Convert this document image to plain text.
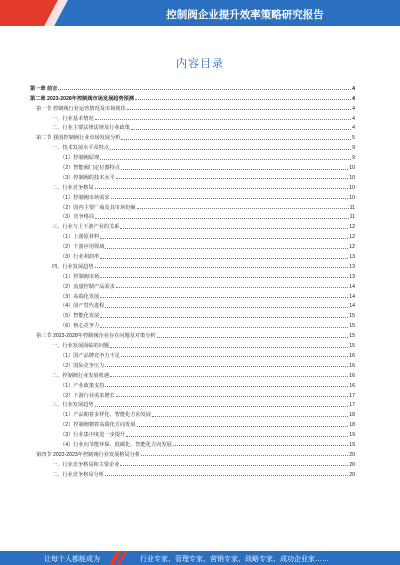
控制阀企业提升效率策略研究报告
内容目录
第一章 前言	4
第二章 2023-2028年控制阀市场发展趋势预测	4
第一节 控制阀行业运营情况及市场现状	4
一、行业基本情况	4
二、行业主要法律法规及行业政策	4
第二节 我国控制阀行业市场发展分析	5
一、技术发展水平及特点	9
（1）控制阀原理	9
（2）智能阀门定位器特点	10
（3）控制阀的技术水平	10
二、行业竞争格局	10
（1）控制阀市场需求	10
（2）国内主要厂商及其市场份额	11
（3）竞争格局	11
三、行业与上下游产业的关系	12
（1）上游原材料	12
（2）下游应用领域	12
（3）行业利润率	13
四、行业发展趋势	13
（1）控制阀市场	13
（2）流量控制产品需求	14
（3）高端化发展	14
（4）国产替代进程	14
（5）智能化发展	15
（6）核心竞争力	15
第三节 2023-2028年控制阀企业存在问题及对策分析	15
一、行业发展面临的问题	15
（1）国产品牌竞争力不足	16
（2）国际竞争压力	16
二、控制阀行业发展机遇	16
（1）产业政策支持	16
（2）下游行业需求增长	17
三、行业发展趋势	17
（1）产品朝着多样化、智能化方向发展	18
（2）控制阀朝着高端化方向发展	18
（3）行业集中度进一步提升	19
（4）行业向节能环保、低碳化、智能化方向发展	19
第四节 2022-2023年控制阀行业发展格局分析	20
一、行业竞争格局和主要企业	20
二、行业竞争格局分析	20
让每个人都能成为	行业专家、管理专家、营销专家、战略专家、成功企业家……
